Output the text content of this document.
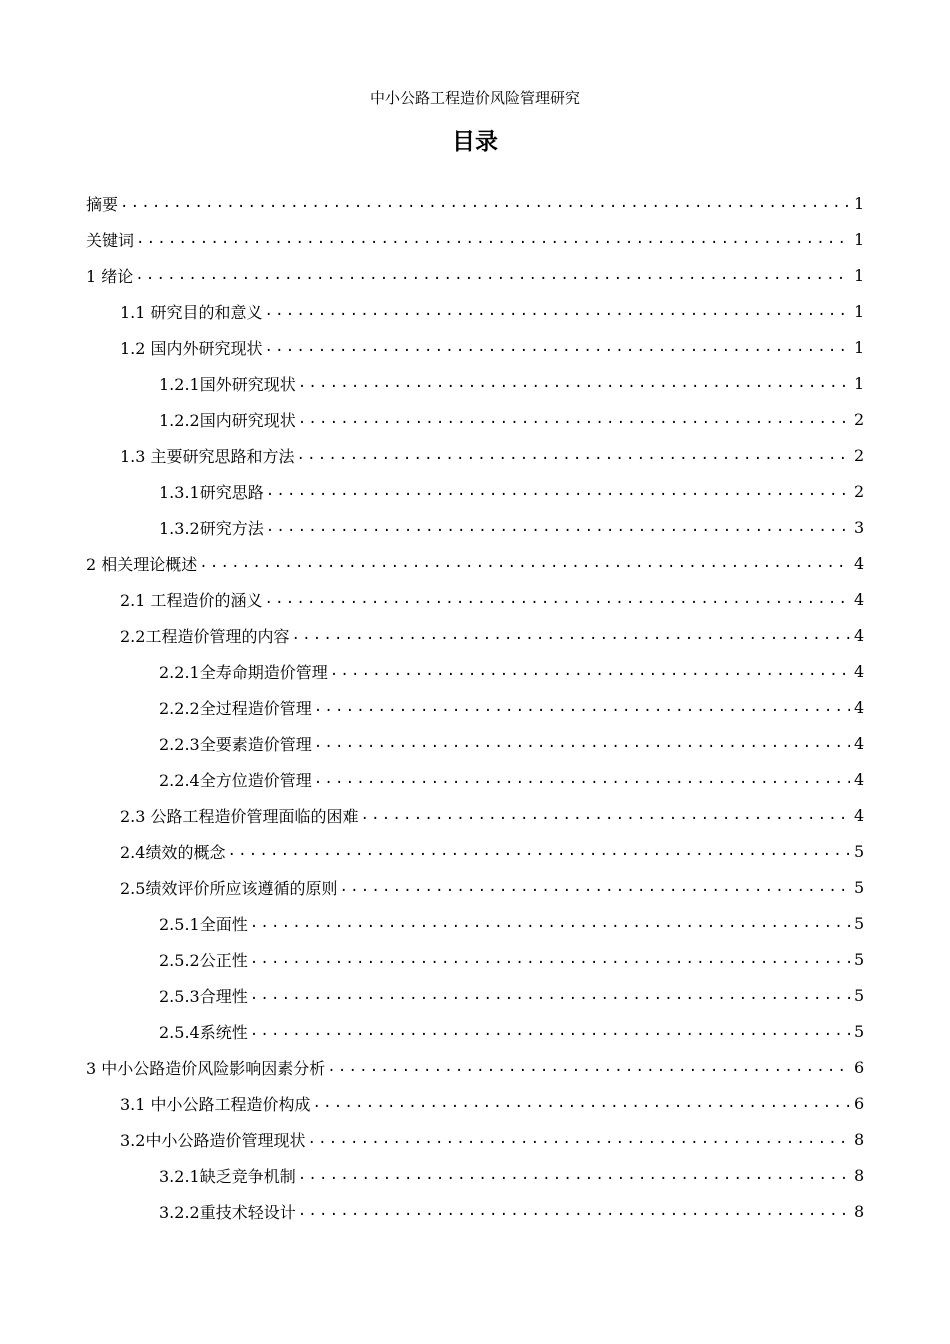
中小公路工程造价风险管理研究
目录
摘要 .....	1
关键词 .....	1
1 绪论 .....	1
1.1 研究目的和意义 .....	1
1.2 国内外研究现状 .....	1
1.2.1国外研究现状 .....	1
1.2.2国内研究现状 .....	2
1.3 主要研究思路和方法 .....	2
1.3.1研究思路 .....	2
1.3.2研究方法 .....	3
2 相关理论概述 .....	4
2.1 工程造价的涵义 .....	4
2.2工程造价管理的内容 .....	4
2.2.1全寿命期造价管理 .....	4
2.2.2全过程造价管理 .....	4
2.2.3全要素造价管理 .....	4
2.2.4全方位造价管理 .....	4
2.3 公路工程造价管理面临的困难 .....	4
2.4绩效的概念 .....	5
2.5绩效评价所应该遵循的原则 .....	5
2.5.1全面性 .....	5
2.5.2公正性 .....	5
2.5.3合理性 .....	5
2.5.4系统性 .....	5
3 中小公路造价风险影响因素分析 .....	6
3.1 中小公路工程造价构成 .....	6
3.2中小公路造价管理现状 .....	8
3.2.1缺乏竞争机制 .....	8
3.2.2重技术轻设计 .....	8
